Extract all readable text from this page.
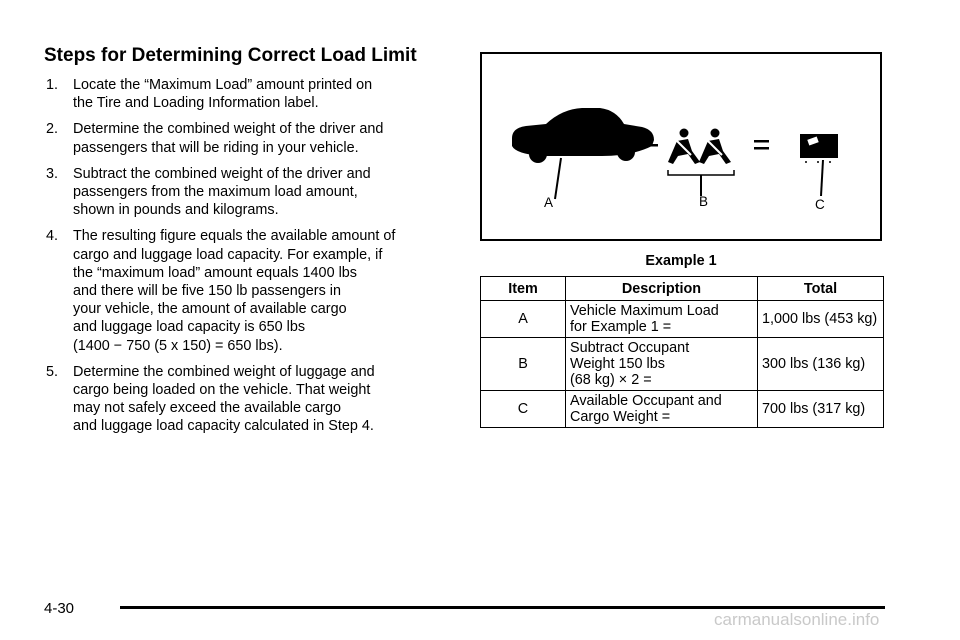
Steps for Determining Correct Load Limit
1. Locate the “Maximum Load” amount printed on
the Tire and Loading Information label.
2. Determine the combined weight of the driver and
passengers that will be riding in your vehicle.
3. Subtract the combined weight of the driver and
passengers from the maximum load amount,
shown in pounds and kilograms.
4. The resulting figure equals the available amount of
cargo and luggage load capacity. For example, if
the “maximum load” amount equals 1400 lbs
and there will be five 150 lb passengers in
your vehicle, the amount of available cargo
and luggage load capacity is 650 lbs
(1400 − 750 (5 x 150) = 650 lbs).
5. Determine the combined weight of luggage and
cargo being loaded on the vehicle. That weight
may not safely exceed the available cargo
and luggage load capacity calculated in Step 4.
A	B	C
Example 1
Item	Description	Total
A	Vehicle Maximum Load
for Example 1 =	1,000 lbs (453 kg)
B	Subtract Occupant
Weight 150 lbs
(68 kg) × 2 =	300 lbs (136 kg)
C	Available Occupant and
Cargo Weight =	700 lbs (317 kg)
4-30
carmanualsonline.info
